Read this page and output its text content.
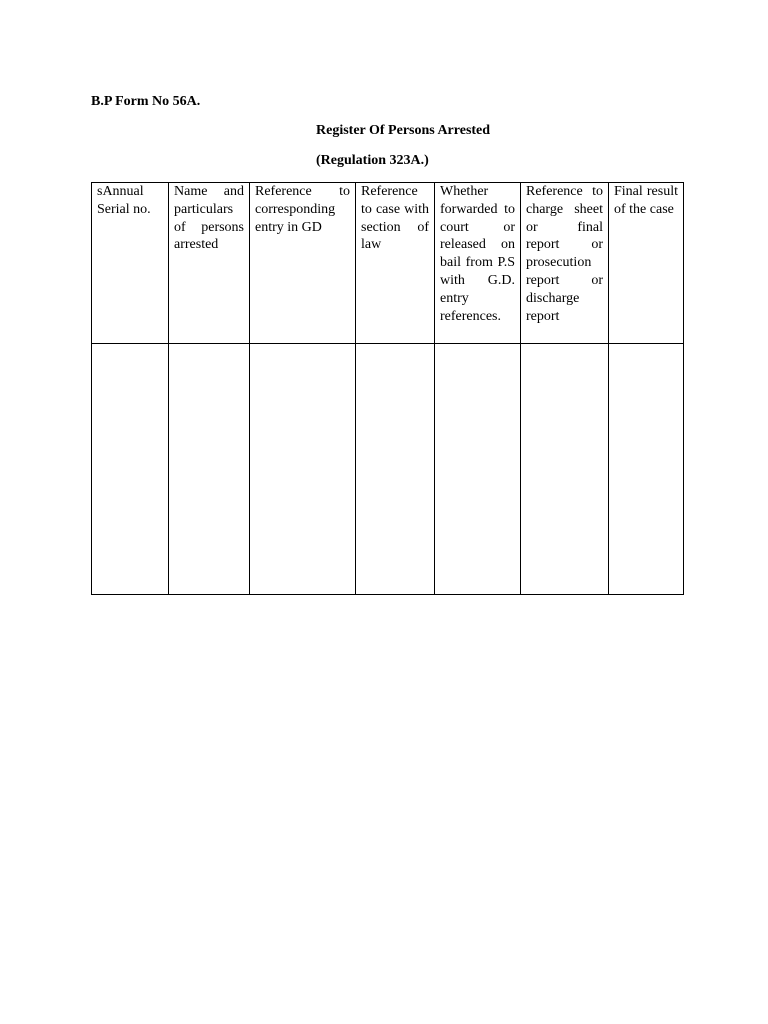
B.P Form No 56A.

Register Of Persons Arrested

(Regulation 323A.)

sAnnual Serial no.	Name and particulars of persons arrested	Reference to corresponding entry in GD	Reference to case with section of law	Whether forwarded to court or released on bail from P.S with G.D. entry references.	Reference to charge sheet or final report or prosecution report or discharge report	Final result of the case
